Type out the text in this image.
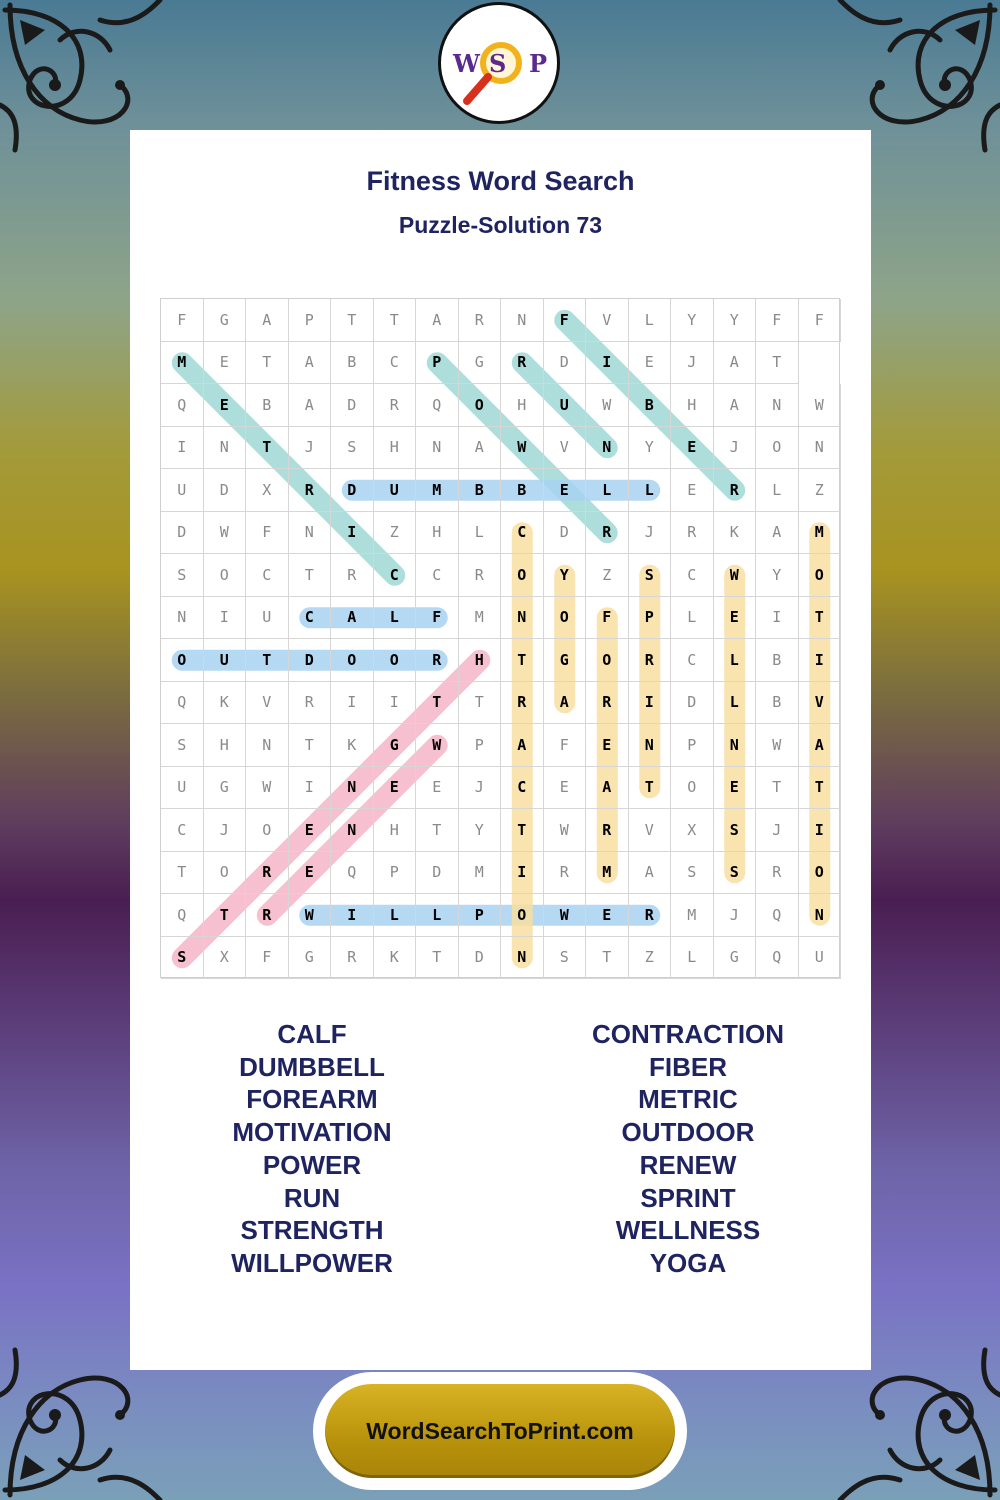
W S P
Fitness Word Search
Puzzle-Solution 73
F	G	A	P	T	T	A	R	N	F	V	L	Y	Y	F	F
M	E	T	A	B	C	P	G	R	D	I	E	J	A	T
Q	E	B	A	D	R	Q	O	H	U	W	B	H	A	N	W
I	N	T	J	S	H	N	A	W	V	N	Y	E	J	O	N
U	D	X	R	D	U	M	B	B	E	L	L	E	R	L	Z
D	W	F	N	I	Z	H	L	C	D	R	J	R	K	A	M
S	O	C	T	R	C	C	R	O	Y	Z	S	C	W	Y	O
N	I	U	C	A	L	F	M	N	O	F	P	L	E	I	T
O	U	T	D	O	O	R	H	T	G	O	R	C	L	B	I
Q	K	V	R	I	I	T	T	R	A	R	I	D	L	B	V
S	H	N	T	K	G	W	P	A	F	E	N	P	N	W	A
U	G	W	I	N	E	E	J	C	E	A	T	O	E	T	T
C	J	O	E	N	H	T	Y	T	W	R	V	X	S	J	I
T	O	R	E	Q	P	D	M	I	R	M	A	S	S	R	O
Q	T	R	W	I	L	L	P	O	W	E	R	M	J	Q	N
S	X	F	G	R	K	T	D	N	S	T	Z	L	G	Q	U
CALF
DUMBBELL
FOREARM
MOTIVATION
POWER
RUN
STRENGTH
WILLPOWER
CONTRACTION
FIBER
METRIC
OUTDOOR
RENEW
SPRINT
WELLNESS
YOGA
WordSearchToPrint.com
